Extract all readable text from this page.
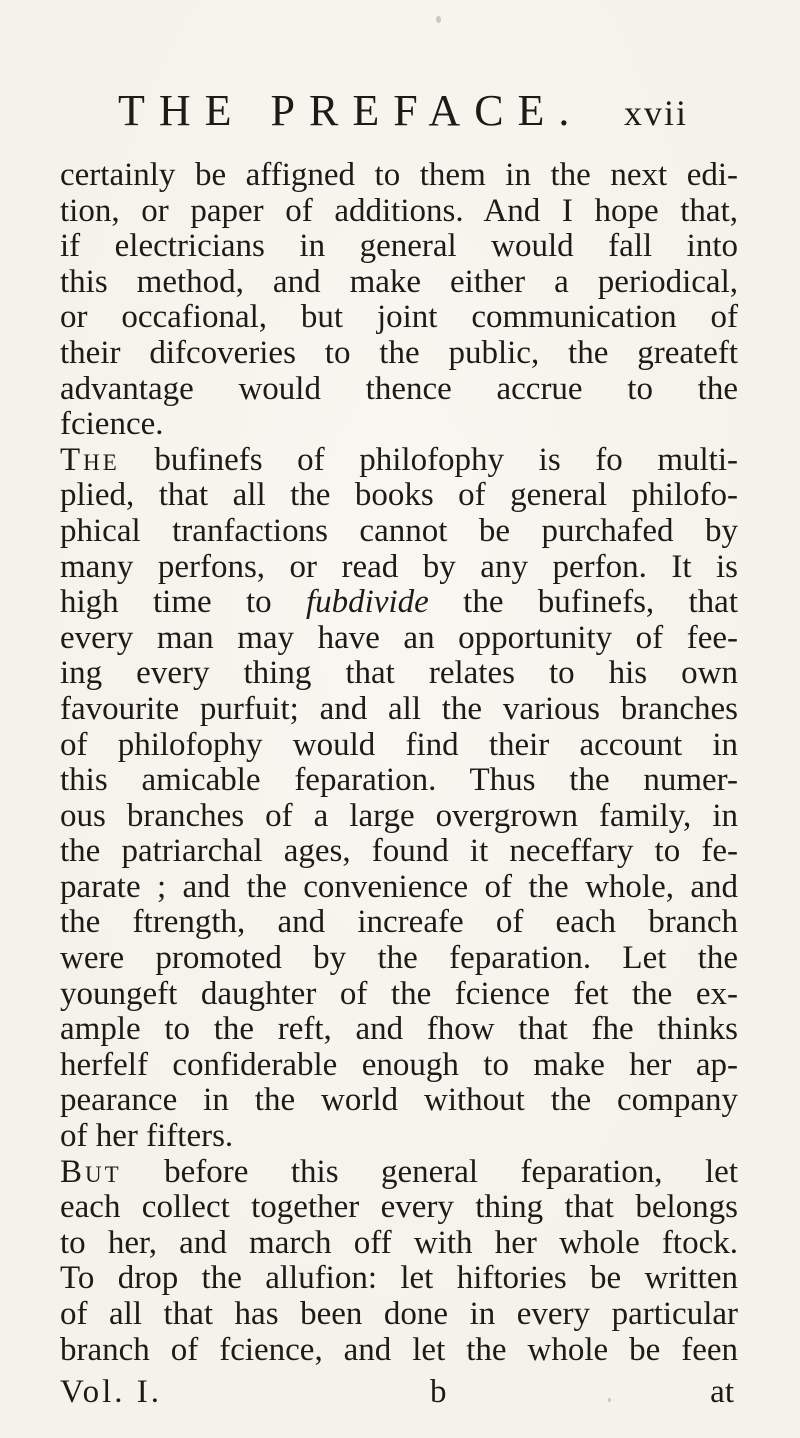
THE PREFACE. xvii
certainly be affigned to them in the next edi-
tion, or paper of additions. And I hope that,
if electricians in general would fall into
this method, and make either a periodical,
or occafional, but joint communication of
their difcoveries to the public, the greateft
advantage would thence accrue to the
fcience.
The bufinefs of philofophy is fo multi-
plied, that all the books of general philofo-
phical tranfactions cannot be purchafed by
many perfons, or read by any perfon. It is
high time to fubdivide the bufinefs, that
every man may have an opportunity of fee-
ing every thing that relates to his own
favourite purfuit; and all the various branches
of philofophy would find their account in
this amicable feparation. Thus the numer-
ous branches of a large overgrown family, in
the patriarchal ages, found it neceffary to fe-
parate ; and the convenience of the whole, and
the ftrength, and increafe of each branch
were promoted by the feparation. Let the
youngeft daughter of the fcience fet the ex-
ample to the reft, and fhow that fhe thinks
herfelf confiderable enough to make her ap-
pearance in the world without the company
of her fifters.
But before this general feparation, let
each collect together every thing that belongs
to her, and march off with her whole ftock.
To drop the allufion: let hiftories be written
of all that has been done in every particular
branch of fcience, and let the whole be feen
Vol. I.	b	at
